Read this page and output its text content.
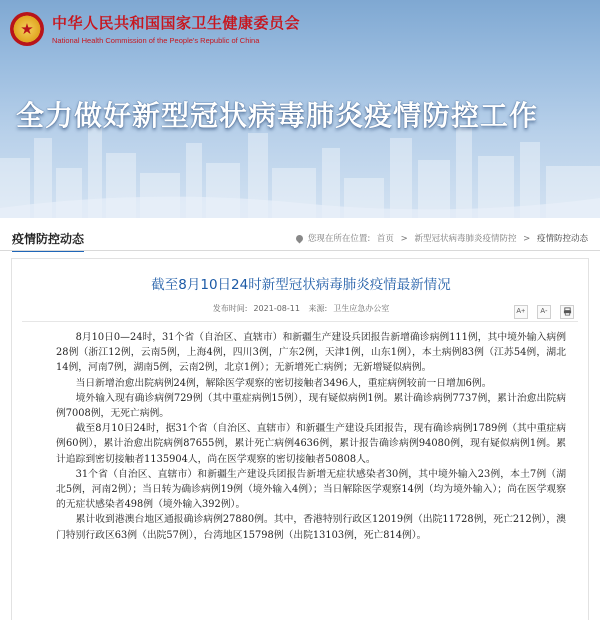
★	中华人民共和国国家卫生健康委员会
National Health Commission of the People's Republic of China
全力做好新型冠状病毒肺炎疫情防控工作
疫情防控动态	您现在所在位置: 首页 > 新型冠状病毒肺炎疫情防控 > 疫情防控动态
截至8月10日24时新型冠状病毒肺炎疫情最新情况
发布时间: 2021-08-11 来源: 卫生应急办公室	A+ A-

8月10日0—24时，31个省（自治区、直辖市）和新疆生产建设兵团报告新增确诊病例111例，其中境外输入病例28例（浙江12例，云南5例，上海4例，四川3例，广东2例，天津1例，山东1例），本土病例83例（江苏54例，湖北14例，河南7例，湖南5例，云南2例，北京1例）；无新增死亡病例；无新增疑似病例。

当日新增治愈出院病例24例，解除医学观察的密切接触者3496人，重症病例较前一日增加6例。

境外输入现有确诊病例729例（其中重症病例15例），现有疑似病例1例。累计确诊病例7737例，累计治愈出院病例7008例，无死亡病例。

截至8月10日24时，据31个省（自治区、直辖市）和新疆生产建设兵团报告，现有确诊病例1789例（其中重症病例60例），累计治愈出院病例87655例，累计死亡病例4636例，累计报告确诊病例94080例，现有疑似病例1例。累计追踪到密切接触者1135904人，尚在医学观察的密切接触者50808人。

31个省（自治区、直辖市）和新疆生产建设兵团报告新增无症状感染者30例，其中境外输入23例，本土7例（湖北5例，河南2例）；当日转为确诊病例19例（境外输入4例）；当日解除医学观察14例（均为境外输入）；尚在医学观察的无症状感染者498例（境外输入392例）。

累计收到港澳台地区通报确诊病例27880例。其中，香港特别行政区12019例（出院11728例，死亡212例），澳门特别行政区63例（出院57例），台湾地区15798例（出院13103例，死亡814例）。
